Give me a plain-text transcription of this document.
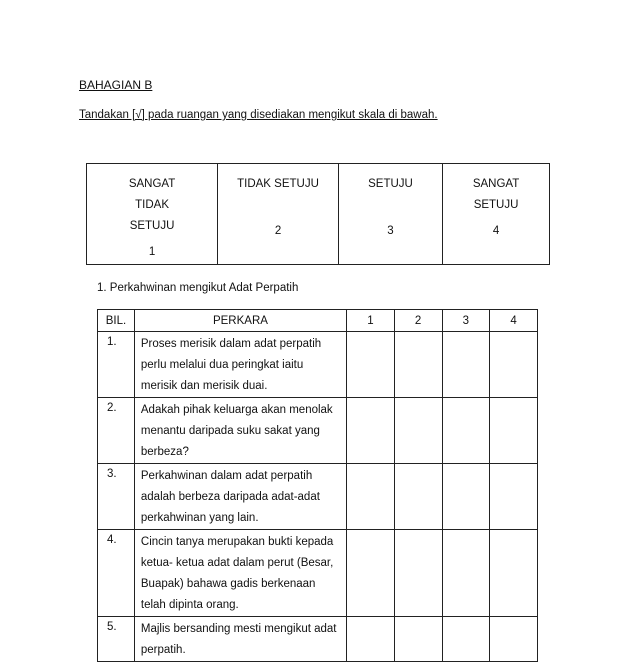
BAHAGIAN B
Tandakan [√] pada ruangan yang disediakan mengikut skala di bawah.
SANGAT TIDAK SETUJU
1

TIDAK SETUJU
2

SETUJU
3

SANGAT SETUJU
4
1. Perkahwinan mengikut Adat Perpatih
BIL.	PERKARA	1	2	3	4
1.	Proses merisik dalam adat perpatih perlu melalui dua peringkat iaitu merisik dan merisik duai.				
2.	Adakah pihak keluarga akan menolak menantu daripada suku sakat yang berbeza?				
3.	Perkahwinan dalam adat perpatih adalah berbeza daripada adat-adat perkahwinan yang lain.				
4.	Cincin tanya merupakan bukti kepada ketua- ketua adat dalam perut (Besar, Buapak) bahawa gadis berkenaan telah dipinta orang.				
5.	Majlis bersanding mesti mengikut adat perpatih.				
